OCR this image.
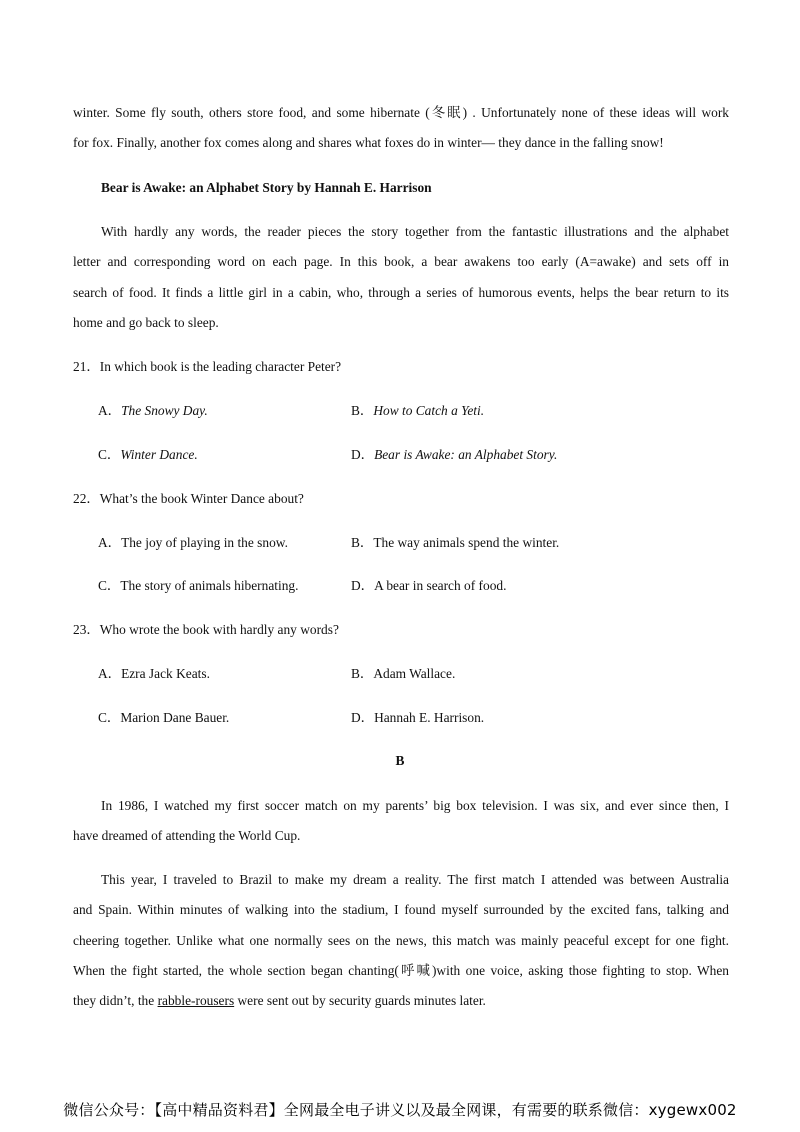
winter. Some fly south, others store food, and some hibernate (冬眠) . Unfortunately none of these ideas will work
for fox. Finally, another fox comes along and shares what foxes do in winter— they dance in the falling snow!
Bear is Awake: an Alphabet Story by Hannah E. Harrison
With hardly any words, the reader pieces the story together from the fantastic illustrations and the alphabet
letter and corresponding word on each page. In this book, a bear awakens too early (A=awake) and sets off in
search of food. It finds a little girl in a cabin, who, through a series of humorous events, helps the bear return to its
home and go back to sleep.
21．In which book is the leading character Peter?
A．The Snowy Day.	B．How to Catch a Yeti.
C．Winter Dance.	D．Bear is Awake: an Alphabet Story.
22．What’s the book Winter Dance about?
A．The joy of playing in the snow.	B．The way animals spend the winter.
C．The story of animals hibernating.	D．A bear in search of food.
23．Who wrote the book with hardly any words?
A．Ezra Jack Keats.	B．Adam Wallace.
C．Marion Dane Bauer.	D．Hannah E. Harrison.
B
In 1986, I watched my first soccer match on my parents’ big box television. I was six, and ever since then, I
have dreamed of attending the World Cup.
This year, I traveled to Brazil to make my dream a reality. The first match I attended was between Australia
and Spain. Within minutes of walking into the stadium, I found myself surrounded by the excited fans, talking and
cheering together. Unlike what one normally sees on the news, this match was mainly peaceful except for one fight.
When the fight started, the whole section began chanting(呼喊)with one voice, asking those fighting to stop. When
they didn’t, the rabble-rousers were sent out by security guards minutes later.
微信公众号：【高中精品资料君】全网最全电子讲义以及最全网课，有需要的联系微信：xygewx002
